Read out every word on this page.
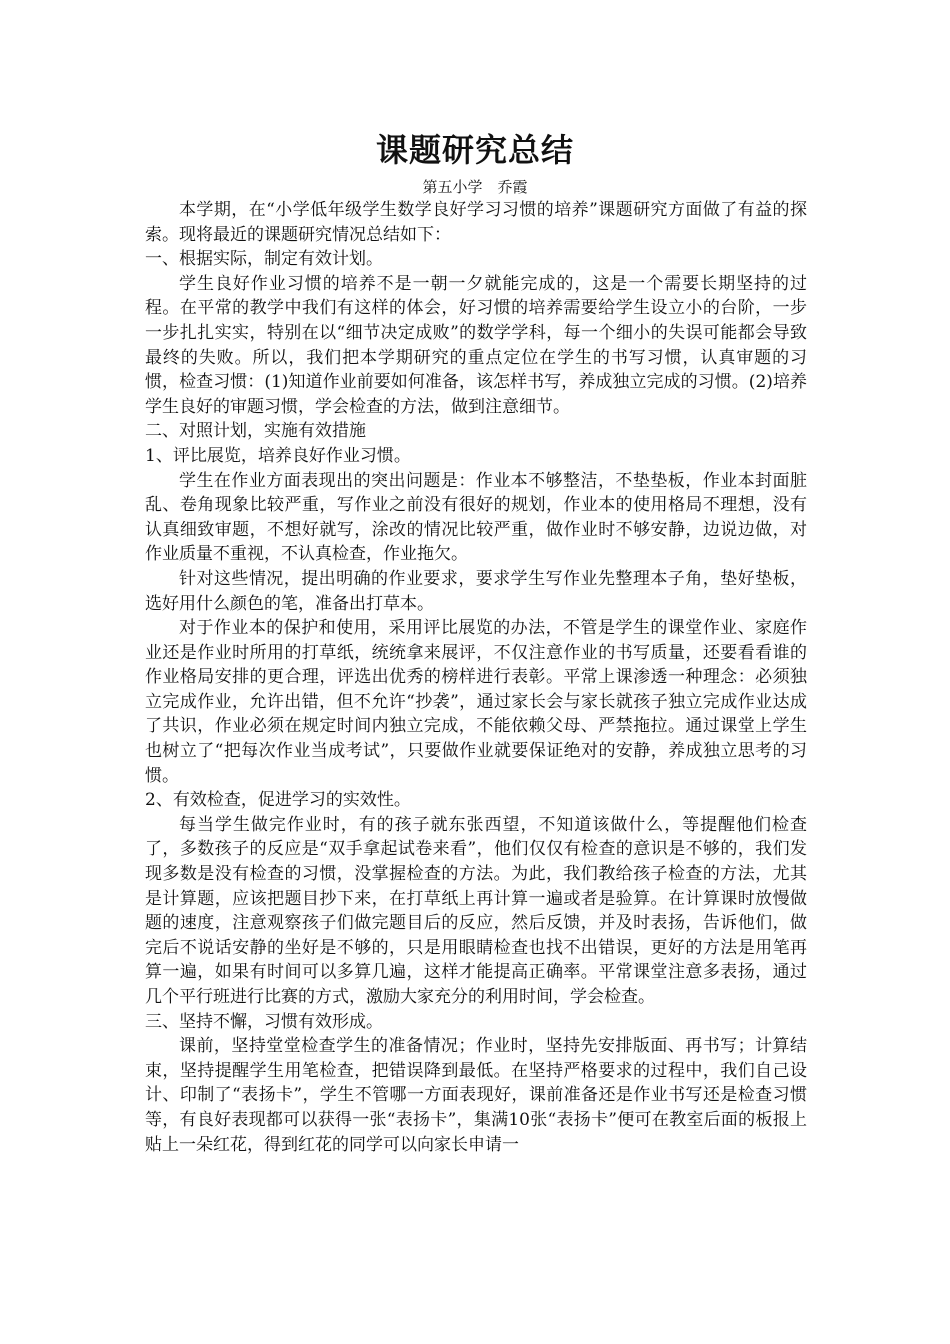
课题研究总结
第五小学　乔霞

本学期，在“小学低年级学生数学良好学习习惯的培养”课题研究方面做了有益的探索。现将最近的课题研究情况总结如下：

一、根据实际，制定有效计划。

学生良好作业习惯的培养不是一朝一夕就能完成的，这是一个需要长期坚持的过程。在平常的教学中我们有这样的体会，好习惯的培养需要给学生设立小的台阶，一步一步扎扎实实，特别在以“细节决定成败”的数学学科，每一个细小的失误可能都会导致最终的失败。所以，我们把本学期研究的重点定位在学生的书写习惯，认真审题的习惯，检查习惯：(1)知道作业前要如何准备，该怎样书写，养成独立完成的习惯。(2)培养学生良好的审题习惯，学会检查的方法，做到注意细节。

二、对照计划，实施有效措施

1、评比展览，培养良好作业习惯。

学生在作业方面表现出的突出问题是：作业本不够整洁，不垫垫板，作业本封面脏乱、卷角现象比较严重，写作业之前没有很好的规划，作业本的使用格局不理想，没有认真细致审题，不想好就写，涂改的情况比较严重，做作业时不够安静，边说边做，对作业质量不重视，不认真检查，作业拖欠。

针对这些情况，提出明确的作业要求，要求学生写作业先整理本子角，垫好垫板，选好用什么颜色的笔，准备出打草本。

对于作业本的保护和使用，采用评比展览的办法，不管是学生的课堂作业、家庭作业还是作业时所用的打草纸，统统拿来展评，不仅注意作业的书写质量，还要看看谁的作业格局安排的更合理，评选出优秀的榜样进行表彰。平常上课渗透一种理念：必须独立完成作业，允许出错，但不允许“抄袭”，通过家长会与家长就孩子独立完成作业达成了共识，作业必须在规定时间内独立完成，不能依赖父母、严禁拖拉。通过课堂上学生也树立了“把每次作业当成考试”，只要做作业就要保证绝对的安静，养成独立思考的习惯。

2、有效检查，促进学习的实效性。

每当学生做完作业时，有的孩子就东张西望，不知道该做什么，等提醒他们检查了，多数孩子的反应是“双手拿起试卷来看”，他们仅仅有检查的意识是不够的，我们发现多数是没有检查的习惯，没掌握检查的方法。为此，我们教给孩子检查的方法，尤其是计算题，应该把题目抄下来，在打草纸上再计算一遍或者是验算。在计算课时放慢做题的速度，注意观察孩子们做完题目后的反应，然后反馈，并及时表扬，告诉他们，做完后不说话安静的坐好是不够的，只是用眼睛检查也找不出错误，更好的方法是用笔再算一遍，如果有时间可以多算几遍，这样才能提高正确率。平常课堂注意多表扬，通过几个平行班进行比赛的方式，激励大家充分的利用时间，学会检查。

三、坚持不懈，习惯有效形成。

课前，坚持堂堂检查学生的准备情况；作业时，坚持先安排版面、再书写；计算结束，坚持提醒学生用笔检查，把错误降到最低。在坚持严格要求的过程中，我们自己设计、印制了“表扬卡”，学生不管哪一方面表现好，课前准备还是作业书写还是检查习惯等，有良好表现都可以获得一张“表扬卡”，集满10张“表扬卡”便可在教室后面的板报上贴上一朵红花，得到红花的同学可以向家长申请一
